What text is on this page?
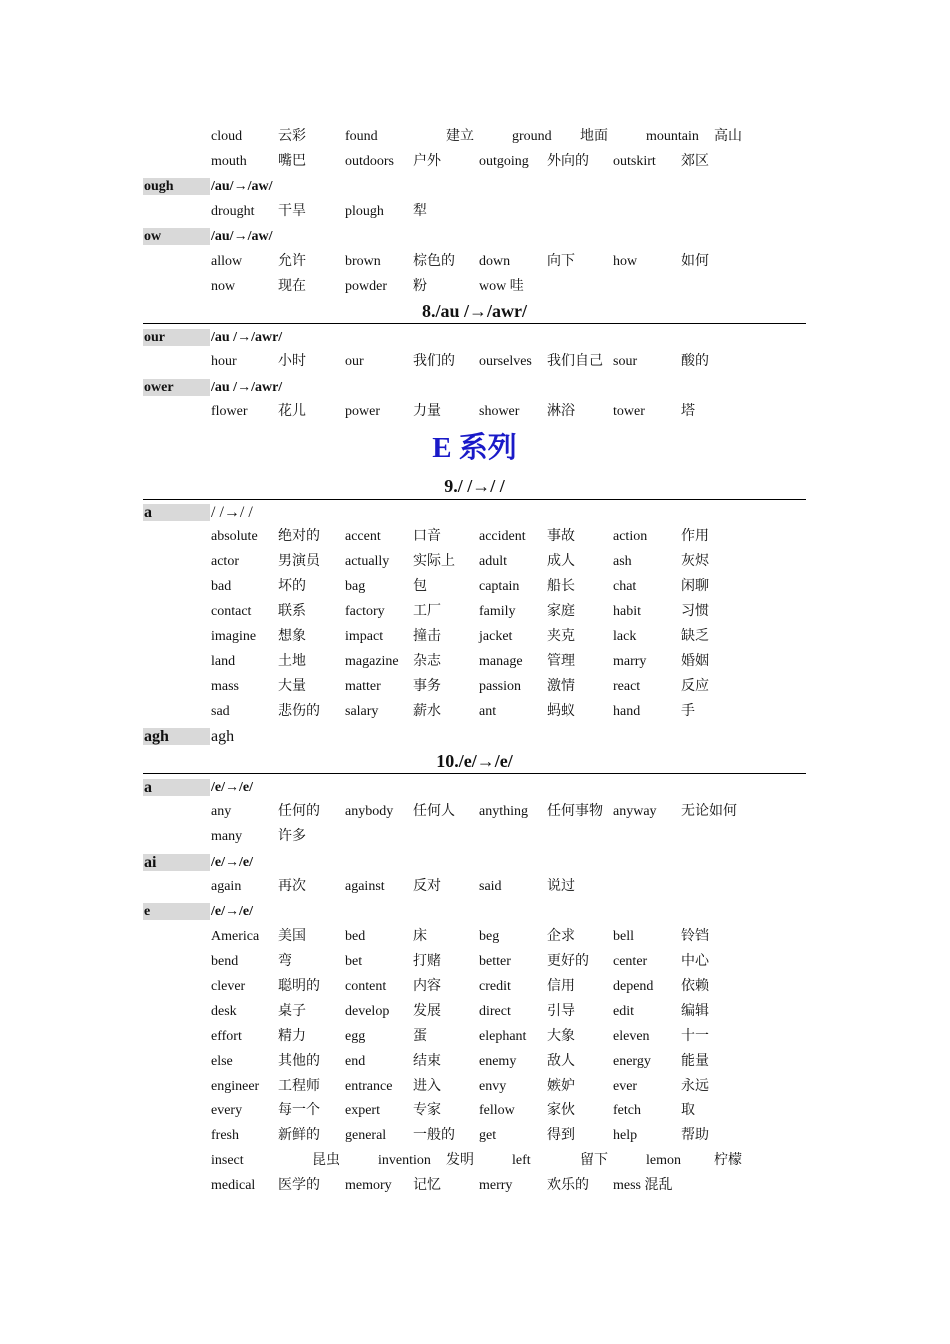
cloud	云彩	found	建立	ground 地面	mountain 高山
mouth 嘴巴	outdoors 户外	outgoing 外向的 outskirt 郊区
ough	/au/→/aw/
drought 干旱	plough 犁
ow	/au/→/aw/
allow	允许	brown 棕色的 down	向下	how	如何
now	现在	powder 粉	wow 哇
8./au /→/awr/
our	/au /→/awr/
hour	小时	our	我们的 ourselves 我们自己 sour	酸的
ower	/au /→/awr/
flower 花儿	power 力量	shower 淋浴	tower	塔
E 系列
9./ /→/ /
a	/ /→/ /
absolute 绝对的 accent 口音	accident 事故	action 作用
actor	男演员 actually 实际上 adult	成人	ash	灰烬
bad	坏的	bag	包	captain 船长	chat	闲聊
contact 联系	factory 工厂	family 家庭	habit	习惯
imagine 想象	impact 撞击	jacket 夹克	lack	缺乏
land	土地	magazine 杂志	manage 管理	marry 婚姻
mass	大量	matter 事务	passion 激情	react	反应
sad	悲伤的 salary 薪水	ant	蚂蚁	hand	手
agh	agh
10./e/→/e/
a	/e/→/e/
any	任何的 anybody 任何人 anything 任何事物 anyway 无论如何
many	许多
ai	/e/→/e/
again	再次	against 反对	said	说过
e	/e/→/e/
America 美国	bed	床	beg	企求	bell	铃铛
bend	弯	bet	打赌	better	更好的 center 中心
clever 聪明的 content 内容	credit	信用	depend 依赖
desk	桌子	develop 发展	direct	引导	edit	编辑
effort	精力	egg	蛋	elephant 大象	eleven 十一
else	其他的 end	结束	enemy 敌人	energy 能量
engineer 工程师 entrance 进入	envy	嫉妒	ever	永远
every	每一个 expert 专家	fellow 家伙	fetch	取
fresh	新鲜的 general 一般的 get	得到	help	帮助
insect	昆虫	invention 发明	left	留下	lemon 柠檬
medical 医学的 memory 记忆	merry 欢乐的 mess 混乱
